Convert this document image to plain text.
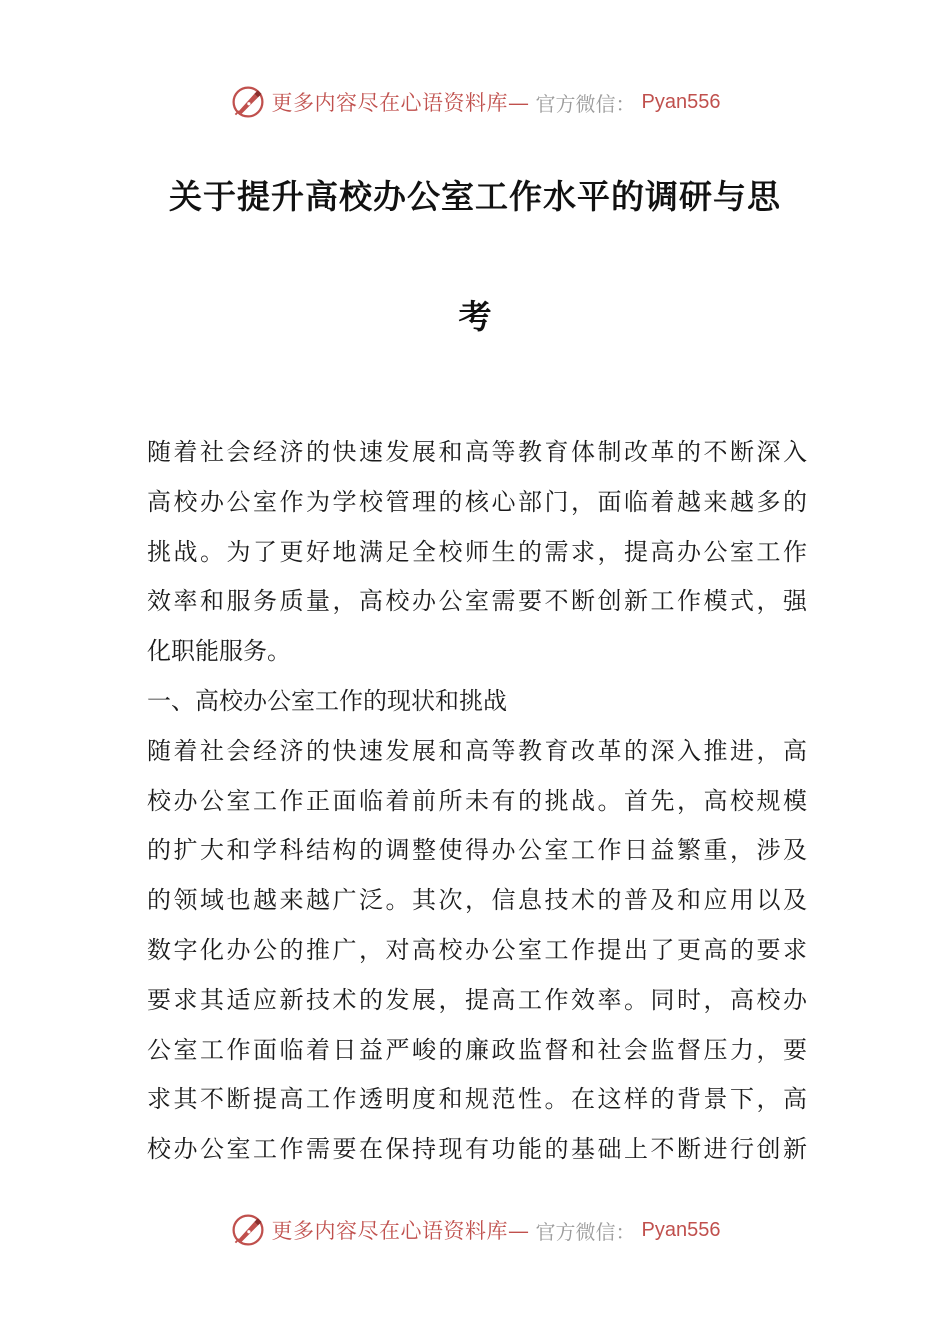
更多内容尽在心语资料库— 官方微信： Pyan556
关于提升高校办公室工作水平的调研与思
考
随着社会经济的快速发展和高等教育体制改革的不断深入
高校办公室作为学校管理的核心部门，面临着越来越多的
挑战。为了更好地满足全校师生的需求，提高办公室工作
效率和服务质量，高校办公室需要不断创新工作模式，强
化职能服务。
一、高校办公室工作的现状和挑战
随着社会经济的快速发展和高等教育改革的深入推进，高
校办公室工作正面临着前所未有的挑战。首先，高校规模
的扩大和学科结构的调整使得办公室工作日益繁重，涉及
的领域也越来越广泛。其次，信息技术的普及和应用以及
数字化办公的推广，对高校办公室工作提出了更高的要求
要求其适应新技术的发展，提高工作效率。同时，高校办
公室工作面临着日益严峻的廉政监督和社会监督压力，要
求其不断提高工作透明度和规范性。在这样的背景下，高
校办公室工作需要在保持现有功能的基础上不断进行创新
更多内容尽在心语资料库— 官方微信： Pyan556
